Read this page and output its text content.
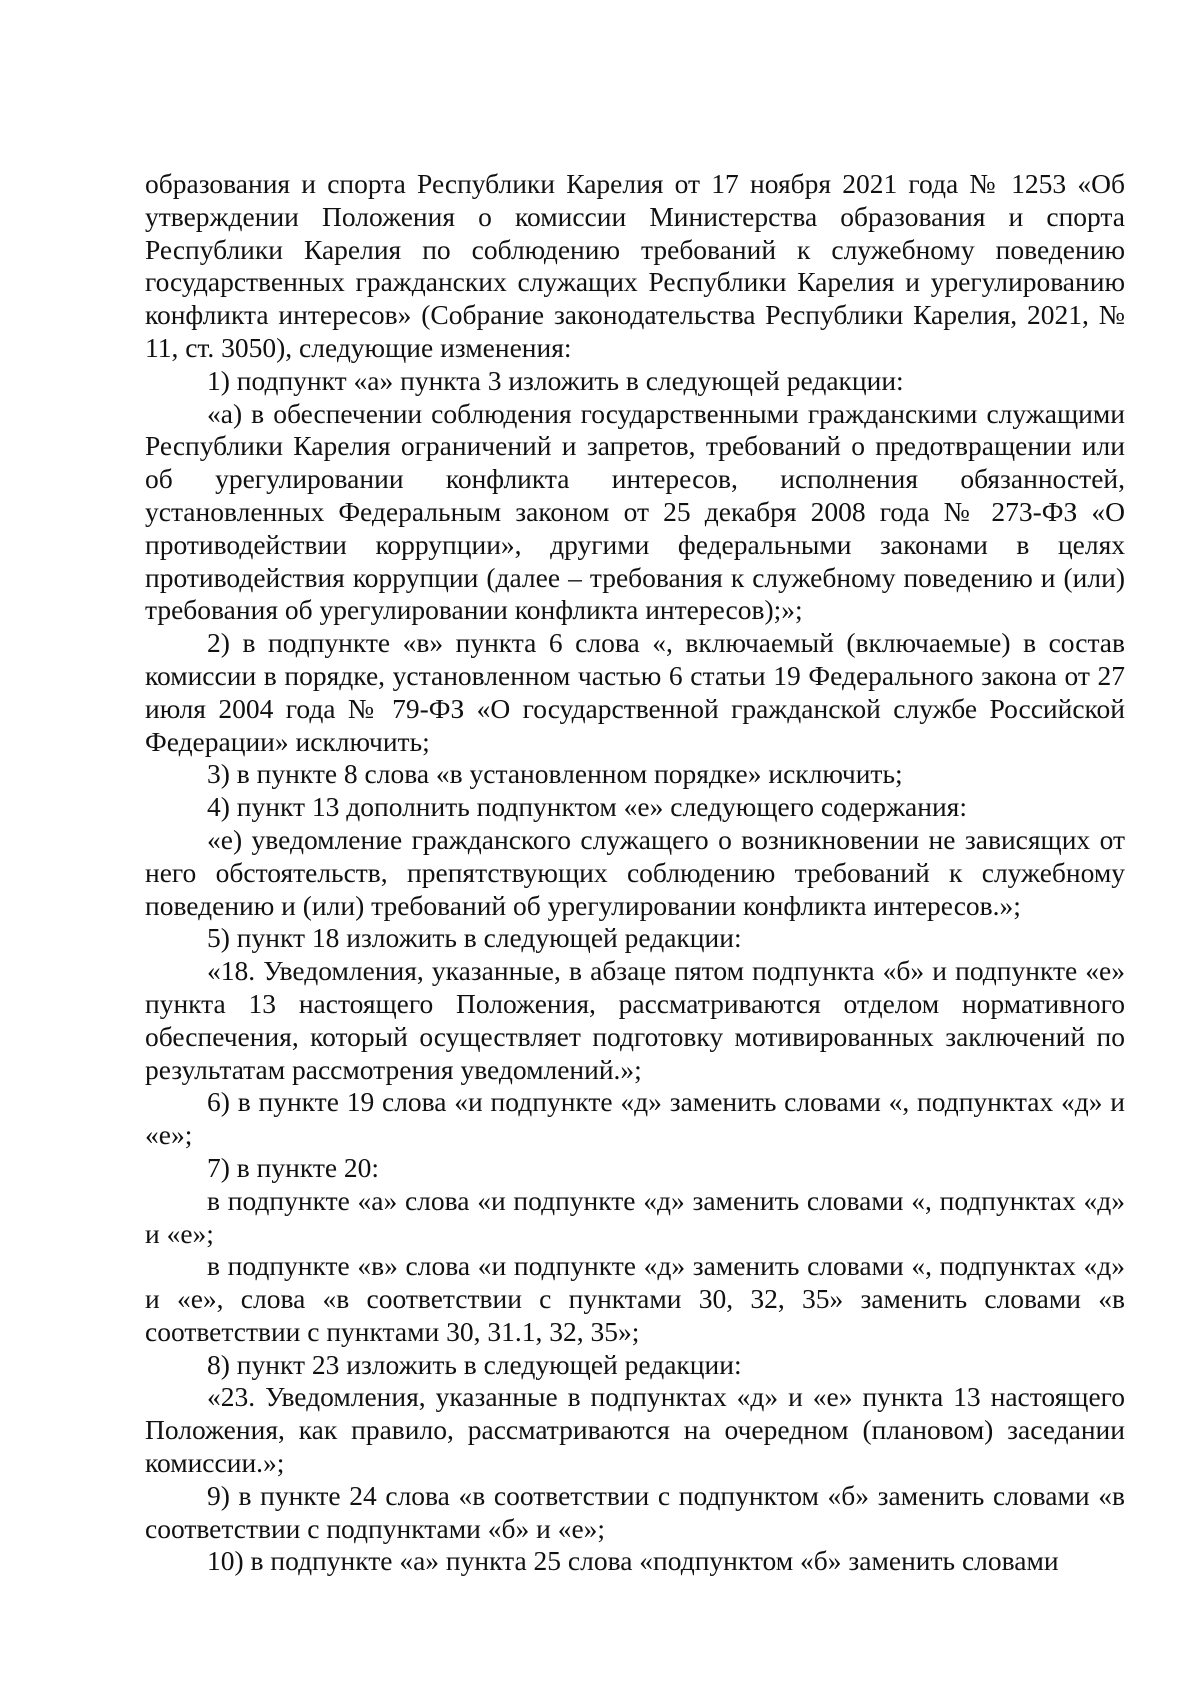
образования и спорта Республики Карелия от 17 ноября 2021 года № 1253 «Об утверждении Положения о комиссии Министерства образования и спорта Республики Карелия по соблюдению требований к служебному поведению государственных гражданских служащих Республики Карелия и урегулированию конфликта интересов» (Собрание законодательства Республики Карелия, 2021, № 11, ст. 3050), следующие изменения:

1) подпункт «а» пункта 3 изложить в следующей редакции:

«а) в обеспечении соблюдения государственными гражданскими служащими Республики Карелия ограничений и запретов, требований о предотвращении или об урегулировании конфликта интересов, исполнения обязанностей, установленных Федеральным законом от 25 декабря 2008 года № 273-ФЗ «О противодействии коррупции», другими федеральными законами в целях противодействия коррупции (далее – требования к служебному поведению и (или) требования об урегулировании конфликта интересов);»;

2) в подпункте «в» пункта 6 слова «, включаемый (включаемые) в состав комиссии в порядке, установленном частью 6 статьи 19 Федерального закона от 27 июля 2004 года № 79-ФЗ «О государственной гражданской службе Российской Федерации» исключить;

3) в пункте 8 слова «в установленном порядке» исключить;

4) пункт 13 дополнить подпунктом «е» следующего содержания:

«е) уведомление гражданского служащего о возникновении не зависящих от него обстоятельств, препятствующих соблюдению требований к служебному поведению и (или) требований об урегулировании конфликта интересов.»;

5) пункт 18 изложить в следующей редакции:

«18. Уведомления, указанные, в абзаце пятом подпункта «б» и подпункте «е» пункта 13 настоящего Положения, рассматриваются отделом нормативного обеспечения, который осуществляет подготовку мотивированных заключений по результатам рассмотрения уведомлений.»;

6) в пункте 19 слова «и подпункте «д» заменить словами «, подпунктах «д» и «е»;

7) в пункте 20:

в подпункте «а» слова «и подпункте «д» заменить словами «, подпунктах «д» и «е»;

в подпункте «в» слова «и подпункте «д» заменить словами «, подпунктах «д» и «е», слова «в соответствии с пунктами 30, 32, 35» заменить словами «в соответствии с пунктами 30, 31.1, 32, 35»;

8) пункт 23 изложить в следующей редакции:

«23. Уведомления, указанные в подпунктах «д» и «е» пункта 13 настоящего Положения, как правило, рассматриваются на очередном (плановом) заседании комиссии.»;

9) в пункте 24 слова «в соответствии с подпунктом «б» заменить словами «в соответствии с подпунктами «б» и «е»;

10) в подпункте «а» пункта 25 слова «подпунктом «б» заменить словами
